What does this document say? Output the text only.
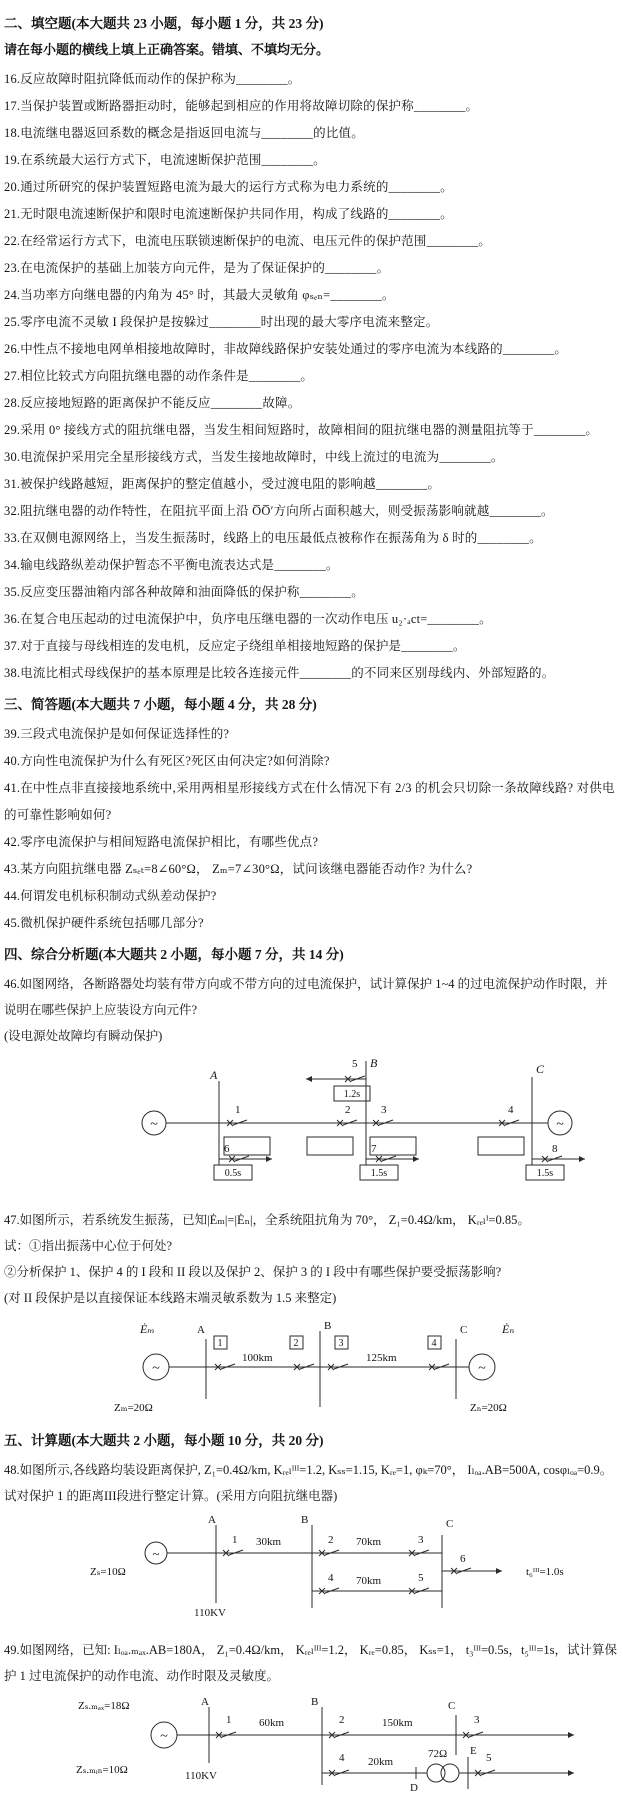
二、填空题(本大题共 23 小题，每小题 1 分，共 23 分)
请在每小题的横线上填上正确答案。错填、不填均无分。

16.反应故障时阻抗降低而动作的保护称为________。

17.当保护装置或断路器拒动时，能够起到相应的作用将故障切除的保护称________。

18.电流继电器返回系数的概念是指返回电流与________的比值。

19.在系统最大运行方式下，电流速断保护范围________。

20.通过所研究的保护装置短路电流为最大的运行方式称为电力系统的________。

21.无时限电流速断保护和限时电流速断保护共同作用，构成了线路的________。

22.在经常运行方式下，电流电压联锁速断保护的电流、电压元件的保护范围________。

23.在电流保护的基础上加装方向元件，是为了保证保护的________。

24.当功率方向继电器的内角为 45° 时，其最大灵敏角 φₛₑₙ=________。

25.零序电流不灵敏 I 段保护是按躲过________时出现的最大零序电流来整定。

26.中性点不接地电网单相接地故障时，非故障线路保护安装处通过的零序电流为本线路的________。

27.相位比较式方向阻抗继电器的动作条件是________。

28.反应接地短路的距离保护不能反应________故障。

29.采用 0° 接线方式的阻抗继电器，当发生相间短路时，故障相间的阻抗继电器的测量阻抗等于________。

30.电流保护采用完全星形接线方式，当发生接地故障时，中线上流过的电流为________。

31.被保护线路越短，距离保护的整定值越小，受过渡电阻的影响越________。

32.阻抗继电器的动作特性，在阻抗平面上沿 O̅O̅′方向所占面积越大，则受振荡影响就越________。

33.在双侧电源网络上，当发生振荡时，线路上的电压最低点被称作在振荡角为 δ 时的________。

34.输电线路纵差动保护暂态不平衡电流表达式是________。

35.反应变压器油箱内部各种故障和油面降低的保护称________。

36.在复合电压起动的过电流保护中，负序电压继电器的一次动作电压 u₂·ₐct=________。

37.对于直接与母线相连的发电机，反应定子绕组单相接地短路的保护是________。

38.电流比相式母线保护的基本原理是比较各连接元件________的不同来区别母线内、外部短路的。

三、简答题(本大题共 7 小题，每小题 4 分，共 28 分)

39.三段式电流保护是如何保证选择性的?

40.方向性电流保护为什么有死区?死区由何决定?如何消除?

41.在中性点非直接接地系统中,采用两相星形接线方式在什么情况下有 2/3 的机会只切除一条故障线路? 对供电的可靠性影响如何?

42.零序电流保护与相间短路电流保护相比，有哪些优点?

43.某方向阻抗继电器 Zₛₑₜ=8∠60°Ω， Zₘ=7∠30°Ω，试问该继电器能否动作? 为什么?

44.何谓发电机标积制动式纵差动保护?

45.微机保护硬件系统包括哪几部分?

四、综合分析题(本大题共 2 小题，每小题 7 分，共 14 分)

46.如图网络，各断路器处均装有带方向或不带方向的过电流保护，试计算保护 1~4 的过电流保护动作时限，并说明在哪些保护上应装设方向元件?

(设电源处故障均有瞬动保护)

~
A
1	2
B
5
1.2s
3	4
C
~
6
0.5s
7
1.5s
8
1.5s

47.如图所示，若系统发生振荡，已知|Ėₘ|=|Ėₙ|，全系统阻抗角为 70°， Z₁=0.4Ω/km， Kᵣₑₗᴵ=0.85。

试：①指出振荡中心位于何处?

②分析保护 1、保护 4 的 I 段和 II 段以及保护 2、保护 3 的 I 段中有哪些保护要受振荡影响?

(对 II 段保护是以直接保证本线路末端灵敏系数为 1.5 来整定)

Ėₘ
~
Zₘ=20Ω
A
1
100km
2
B
3
125km
4
C
~
Ėₙ
Zₙ=20Ω
五、计算题(本大题共 2 小题，每小题 10 分，共 20 分)

48.如图所示,各线路均装设距离保护, Z₁=0.4Ω/km, Kᵣₑₗᴵᴵᴵ=1.2, Kₛₛ=1.15, Kᵣₑ=1, φₖ=70°， Iₗₒₐ.AB=500A, cosφₗₒₐ=0.9。试对保护 1 的距离III段进行整定计算。(采用方向阻抗继电器)

Zₛ=10Ω
~
A
110KV
1 30km
B
2 70km	3
4 70km	5
C
6
t₆ᴵᴵᴵ=1.0s

49.如图网络，已知: Iₗₒₐ.ₘₐₓ.AB=180A， Z₁=0.4Ω/km， Kᵣₑₗᴵᴵᴵ=1.2， Kᵣₑ=0.85， Kₛₛ=1， t₃ᴵᴵᴵ=0.5s，t₅ᴵᴵᴵ=1s，试计算保护 1 过电流保护的动作电流、动作时限及灵敏度。

Zₛ.ₘₐₓ=18Ω
Zₛ.ₘᵢₙ=10Ω
~
A
110KV
1	60km
B
2	150km
C
3
4 20km
D
72Ω E
5
